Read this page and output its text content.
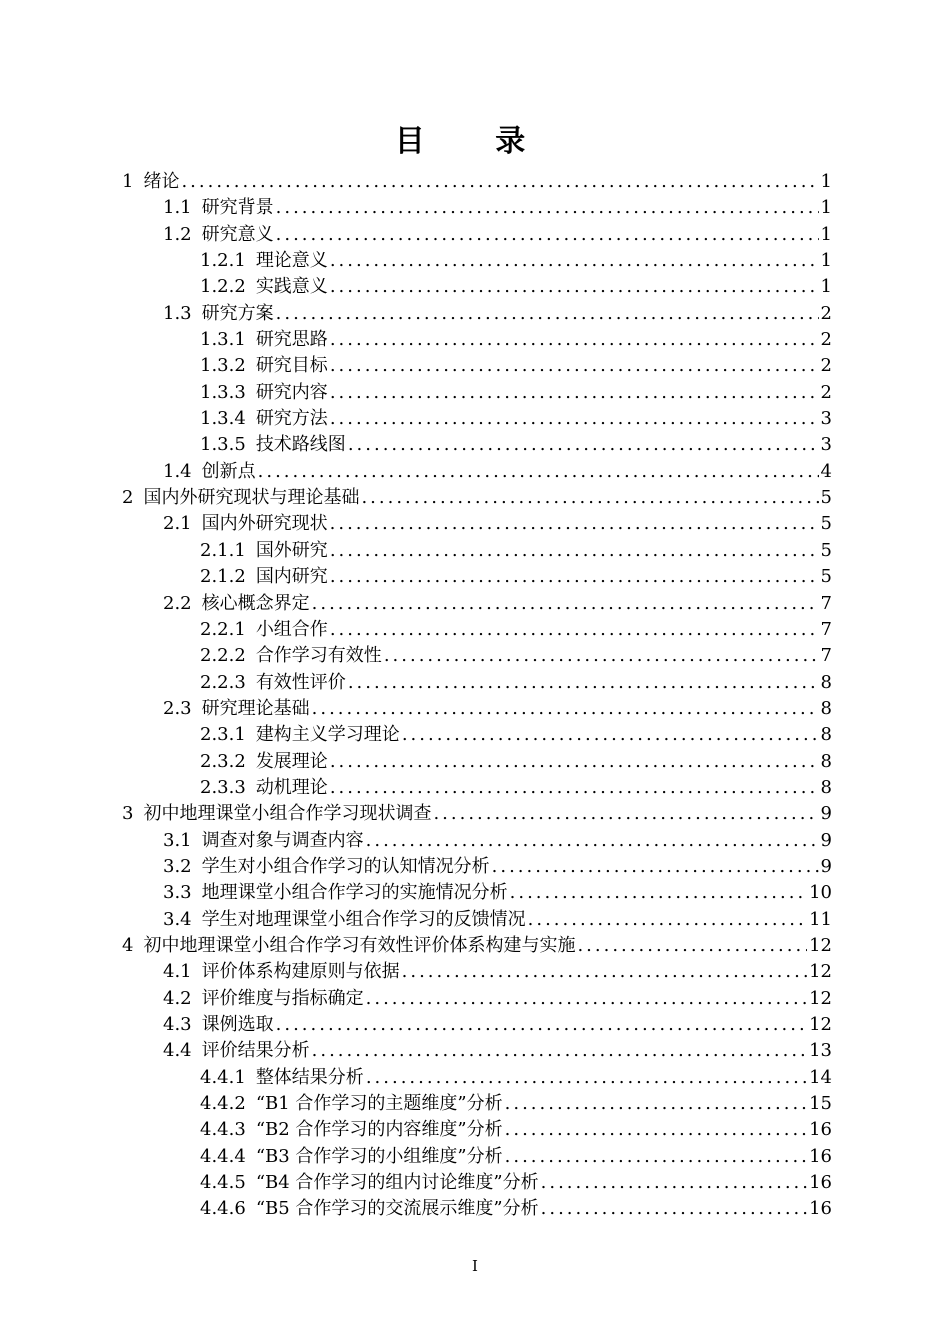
目 录
1 绪论 .....	1
1.1 研究背景 .....	1
1.2 研究意义 .....	1
1.2.1 理论意义 .....	1
1.2.2 实践意义 .....	1
1.3 研究方案 .....	2
1.3.1 研究思路 .....	2
1.3.2 研究目标 .....	2
1.3.3 研究内容 .....	2
1.3.4 研究方法 .....	3
1.3.5 技术路线图 .....	3
1.4 创新点 .....	4
2 国内外研究现状与理论基础 .....	5
2.1 国内外研究现状 .....	5
2.1.1 国外研究 .....	5
2.1.2 国内研究 .....	5
2.2 核心概念界定 .....	7
2.2.1 小组合作 .....	7
2.2.2 合作学习有效性 .....	7
2.2.3 有效性评价 .....	8
2.3 研究理论基础 .....	8
2.3.1 建构主义学习理论 .....	8
2.3.2 发展理论 .....	8
2.3.3 动机理论 .....	8
3 初中地理课堂小组合作学习现状调查 .....	9
3.1 调查对象与调查内容 .....	9
3.2 学生对小组合作学习的认知情况分析 .....	9
3.3 地理课堂小组合作学习的实施情况分析 .....	10
3.4 学生对地理课堂小组合作学习的反馈情况 .....	11
4 初中地理课堂小组合作学习有效性评价体系构建与实施 .....	12
4.1 评价体系构建原则与依据 .....	12
4.2 评价维度与指标确定 .....	12
4.3 课例选取 .....	12
4.4 评价结果分析 .....	13
4.4.1 整体结果分析 .....	14
4.4.2 “B1 合作学习的主题维度”分析 .....	15
4.4.3 “B2 合作学习的内容维度”分析 .....	16
4.4.4 “B3 合作学习的小组维度”分析 .....	16
4.4.5 “B4 合作学习的组内讨论维度”分析 .....	16
4.4.6 “B5 合作学习的交流展示维度”分析 .....	16
I
